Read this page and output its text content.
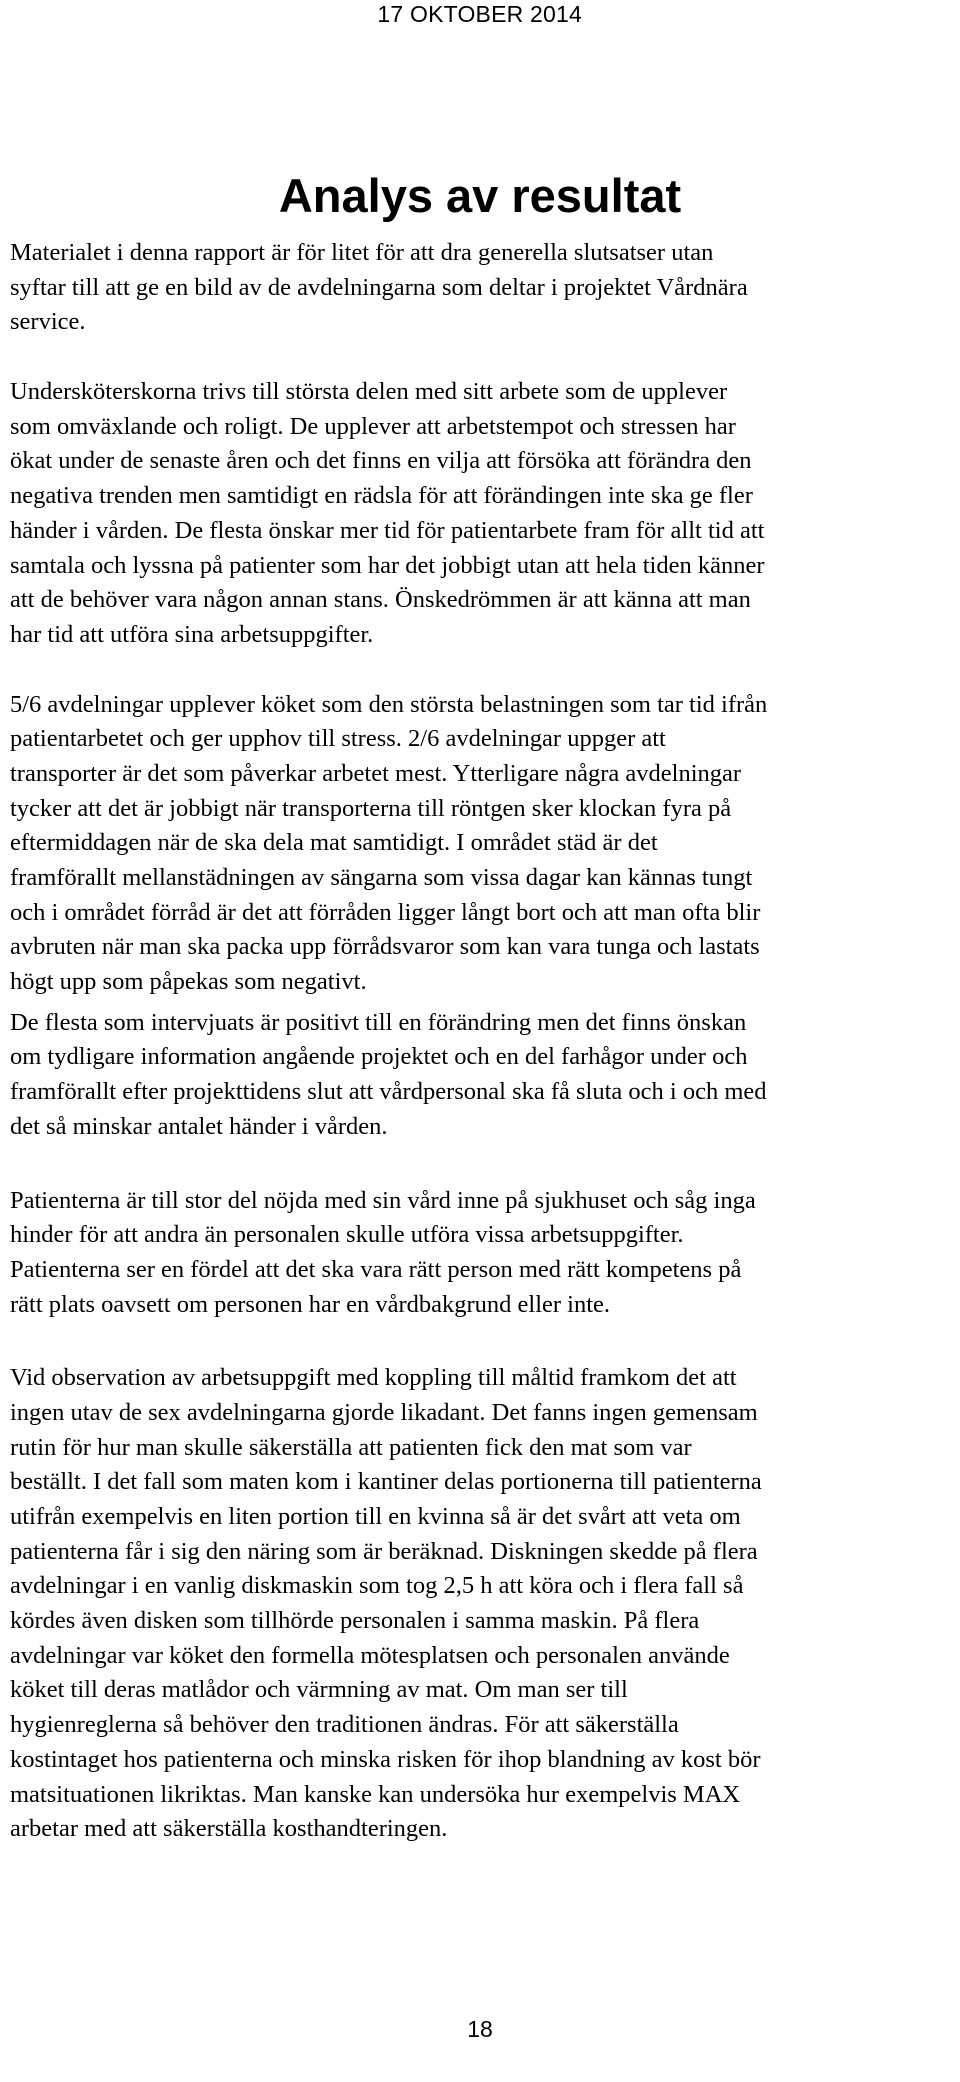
17 OKTOBER 2014
Analys av resultat

Materialet i denna rapport är för litet för att dra generella slutsatser utan
syftar till att ge en bild av de avdelningarna som deltar i projektet Vårdnära
service.

Undersköterskorna trivs till största delen med sitt arbete som de upplever
som omväxlande och roligt. De upplever att arbetstempot och stressen har
ökat under de senaste åren och det finns en vilja att försöka att förändra den
negativa trenden men samtidigt en rädsla för att förändingen inte ska ge fler
händer i vården. De flesta önskar mer tid för patientarbete fram för allt tid att
samtala och lyssna på patienter som har det jobbigt utan att hela tiden känner
att de behöver vara någon annan stans. Önskedrömmen är att känna att man
har tid att utföra sina arbetsuppgifter.

5/6 avdelningar upplever köket som den största belastningen som tar tid ifrån
patientarbetet och ger upphov till stress. 2/6 avdelningar uppger att
transporter är det som påverkar arbetet mest. Ytterligare några avdelningar
tycker att det är jobbigt när transporterna till röntgen sker klockan fyra på
eftermiddagen när de ska dela mat samtidigt. I området städ är det
framförallt mellanstädningen av sängarna som vissa dagar kan kännas tungt
och i området förråd är det att förråden ligger långt bort och att man ofta blir
avbruten när man ska packa upp förrådsvaror som kan vara tunga och lastats
högt upp som påpekas som negativt.

De flesta som intervjuats är positivt till en förändring men det finns önskan
om tydligare information angående projektet och en del farhågor under och
framförallt efter projekttidens slut att vårdpersonal ska få sluta och i och med
det så minskar antalet händer i vården.

Patienterna är till stor del nöjda med sin vård inne på sjukhuset och såg inga
hinder för att andra än personalen skulle utföra vissa arbetsuppgifter.
Patienterna ser en fördel att det ska vara rätt person med rätt kompetens på
rätt plats oavsett om personen har en vårdbakgrund eller inte.

Vid observation av arbetsuppgift med koppling till måltid framkom det att
ingen utav de sex avdelningarna gjorde likadant. Det fanns ingen gemensam
rutin för hur man skulle säkerställa att patienten fick den mat som var
beställt. I det fall som maten kom i kantiner delas portionerna till patienterna
utifrån exempelvis en liten portion till en kvinna så är det svårt att veta om
patienterna får i sig den näring som är beräknad. Diskningen skedde på flera
avdelningar i en vanlig diskmaskin som tog 2,5 h att köra och i flera fall så
kördes även disken som tillhörde personalen i samma maskin. På flera
avdelningar var köket den formella mötesplatsen och personalen använde
köket till deras matlådor och värmning av mat. Om man ser till
hygienreglerna så behöver den traditionen ändras. För att säkerställa
kostintaget hos patienterna och minska risken för ihop blandning av kost bör
matsituationen likriktas. Man kanske kan undersöka hur exempelvis MAX
arbetar med att säkerställa kosthandteringen.

18
